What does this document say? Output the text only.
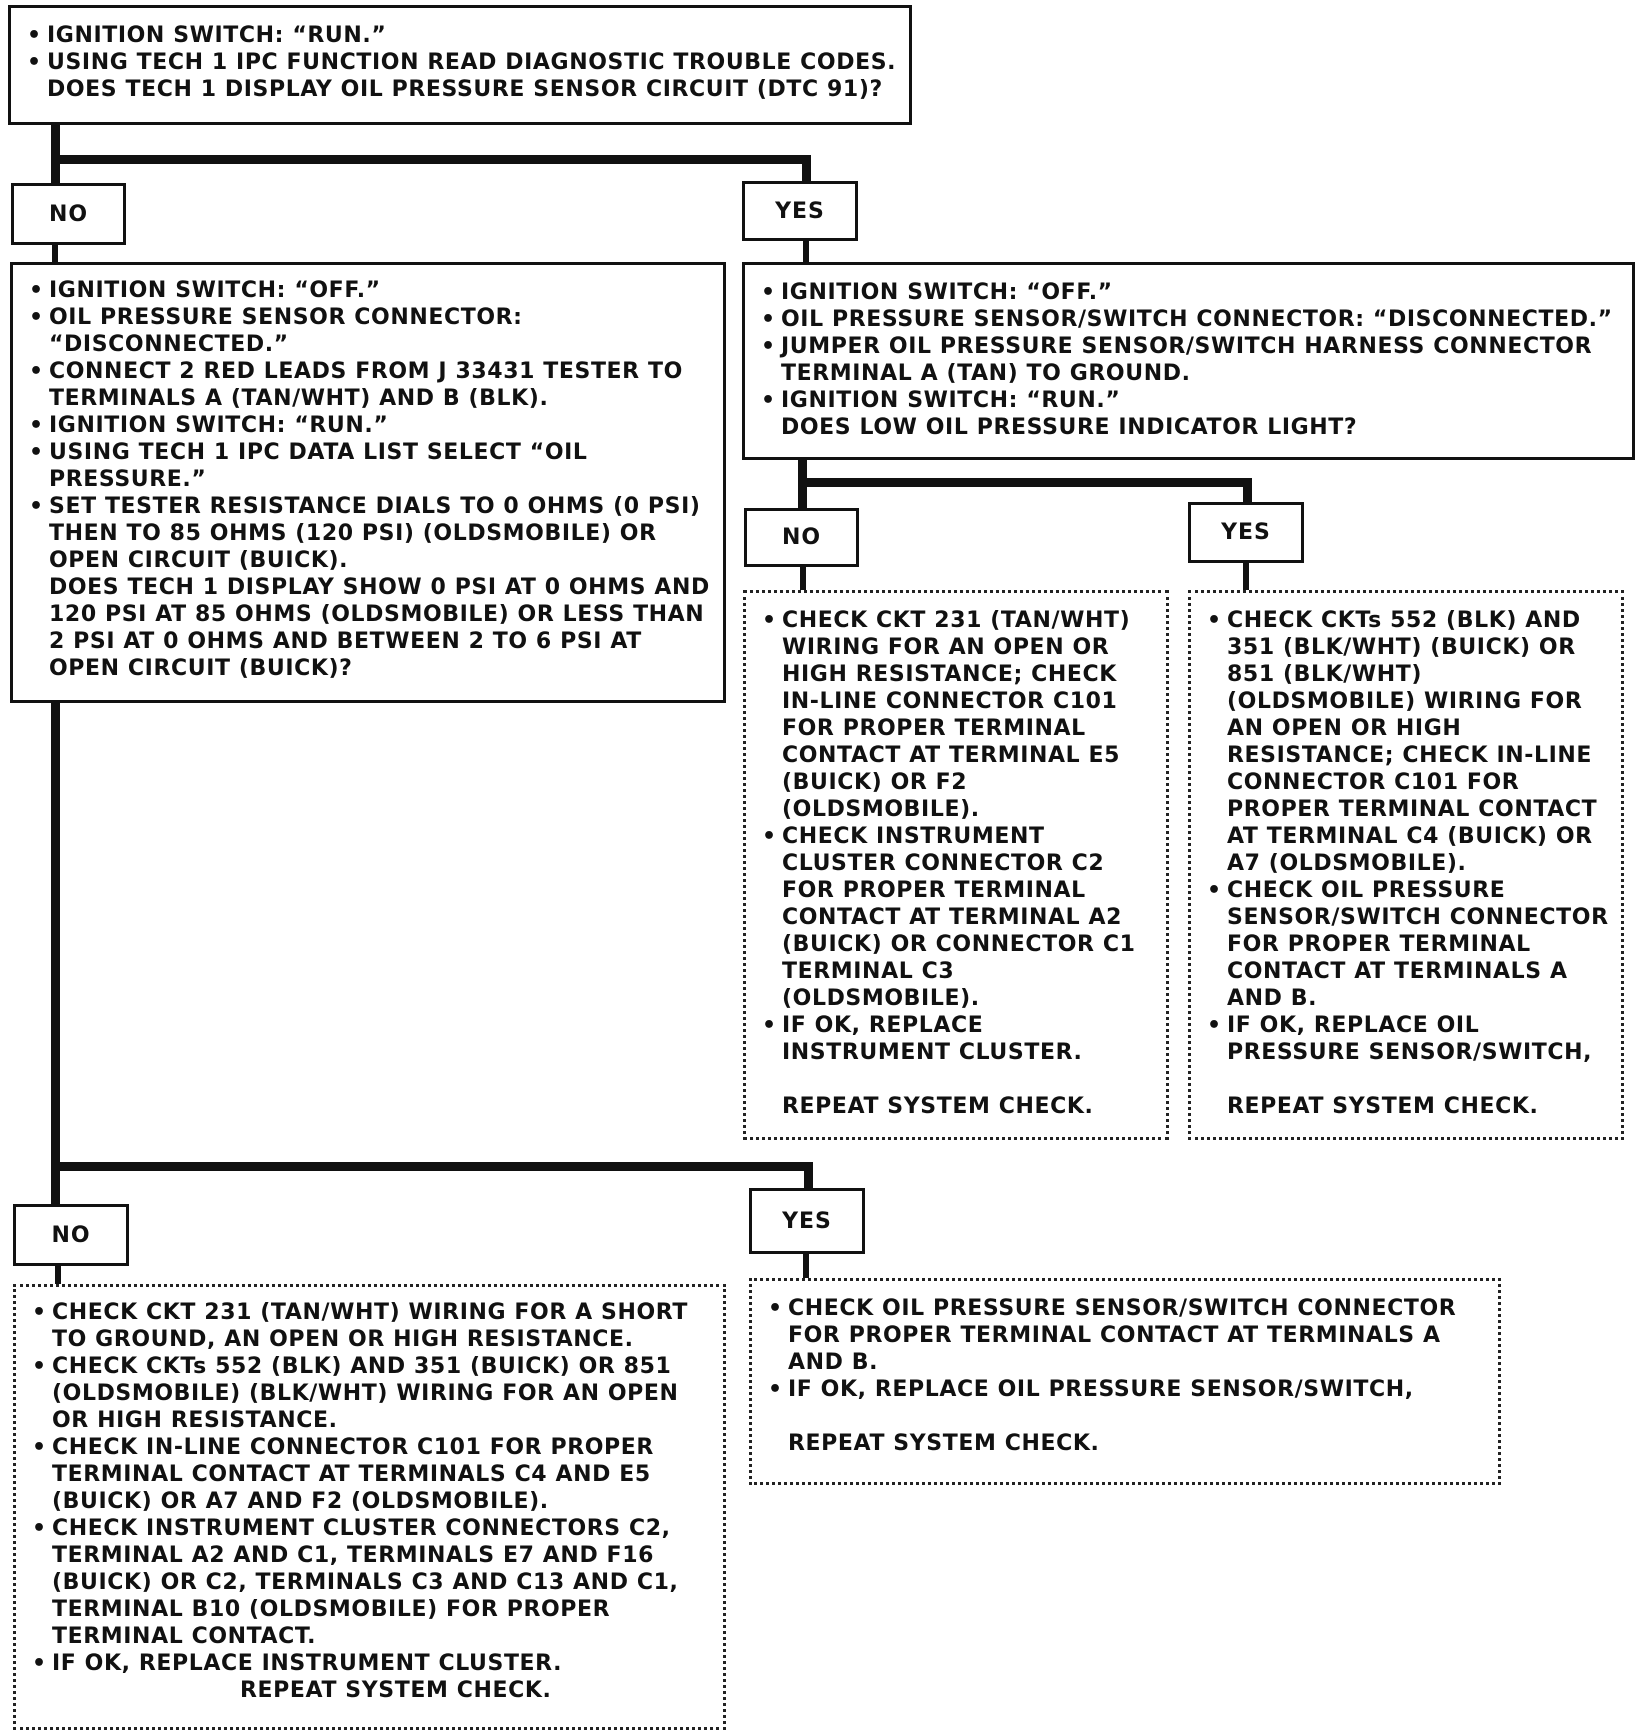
• IGNITION SWITCH: “RUN.”
• USING TECH 1 IPC FUNCTION READ DIAGNOSTIC TROUBLE CODES.
DOES TECH 1 DISPLAY OIL PRESSURE SENSOR CIRCUIT (DTC 91)?
NO	YES
• IGNITION SWITCH: “OFF.”
• OIL PRESSURE SENSOR CONNECTOR: “DISCONNECTED.”
• CONNECT 2 RED LEADS FROM J 33431 TESTER TO TERMINALS A (TAN/WHT) AND B (BLK).
• IGNITION SWITCH: “RUN.”
• USING TECH 1 IPC DATA LIST SELECT “OIL PRESSURE.”
• SET TESTER RESISTANCE DIALS TO 0 OHMS (0 PSI) THEN TO 85 OHMS (120 PSI) (OLDSMOBILE) OR OPEN CIRCUIT (BUICK).
DOES TECH 1 DISPLAY SHOW 0 PSI AT 0 OHMS AND 120 PSI AT 85 OHMS (OLDSMOBILE) OR LESS THAN 2 PSI AT 0 OHMS AND BETWEEN 2 TO 6 PSI AT OPEN CIRCUIT (BUICK)?
• IGNITION SWITCH: “OFF.”
• OIL PRESSURE SENSOR/SWITCH CONNECTOR: “DISCONNECTED.”
• JUMPER OIL PRESSURE SENSOR/SWITCH HARNESS CONNECTOR TERMINAL A (TAN) TO GROUND.
• IGNITION SWITCH: “RUN.”
DOES LOW OIL PRESSURE INDICATOR LIGHT?
NO	YES
• CHECK CKT 231 (TAN/WHT) WIRING FOR AN OPEN OR HIGH RESISTANCE; CHECK IN-LINE CONNECTOR C101 FOR PROPER TERMINAL CONTACT AT TERMINAL E5 (BUICK) OR F2 (OLDSMOBILE).
• CHECK INSTRUMENT CLUSTER CONNECTOR C2 FOR PROPER TERMINAL CONTACT AT TERMINAL A2 (BUICK) OR CONNECTOR C1 TERMINAL C3 (OLDSMOBILE).
• IF OK, REPLACE INSTRUMENT CLUSTER.
REPEAT SYSTEM CHECK.
• CHECK CKTs 552 (BLK) AND 351 (BLK/WHT) (BUICK) OR 851 (BLK/WHT) (OLDSMOBILE) WIRING FOR AN OPEN OR HIGH RESISTANCE; CHECK IN-LINE CONNECTOR C101 FOR PROPER TERMINAL CONTACT AT TERMINAL C4 (BUICK) OR A7 (OLDSMOBILE).
• CHECK OIL PRESSURE SENSOR/SWITCH CONNECTOR FOR PROPER TERMINAL CONTACT AT TERMINALS A AND B.
• IF OK, REPLACE OIL PRESSURE SENSOR/SWITCH,
REPEAT SYSTEM CHECK.
NO
YES
• CHECK CKT 231 (TAN/WHT) WIRING FOR A SHORT TO GROUND, AN OPEN OR HIGH RESISTANCE.
• CHECK CKTs 552 (BLK) AND 351 (BUICK) OR 851 (OLDSMOBILE) (BLK/WHT) WIRING FOR AN OPEN OR HIGH RESISTANCE.
• CHECK IN-LINE CONNECTOR C101 FOR PROPER TERMINAL CONTACT AT TERMINALS C4 AND E5 (BUICK) OR A7 AND F2 (OLDSMOBILE).
• CHECK INSTRUMENT CLUSTER CONNECTORS C2, TERMINAL A2 AND C1, TERMINALS E7 AND F16 (BUICK) OR C2, TERMINALS C3 AND C13 AND C1, TERMINAL B10 (OLDSMOBILE) FOR PROPER TERMINAL CONTACT.
• IF OK, REPLACE INSTRUMENT CLUSTER.
REPEAT SYSTEM CHECK.
• CHECK OIL PRESSURE SENSOR/SWITCH CONNECTOR FOR PROPER TERMINAL CONTACT AT TERMINALS A AND B.
• IF OK, REPLACE OIL PRESSURE SENSOR/SWITCH,
REPEAT SYSTEM CHECK.
